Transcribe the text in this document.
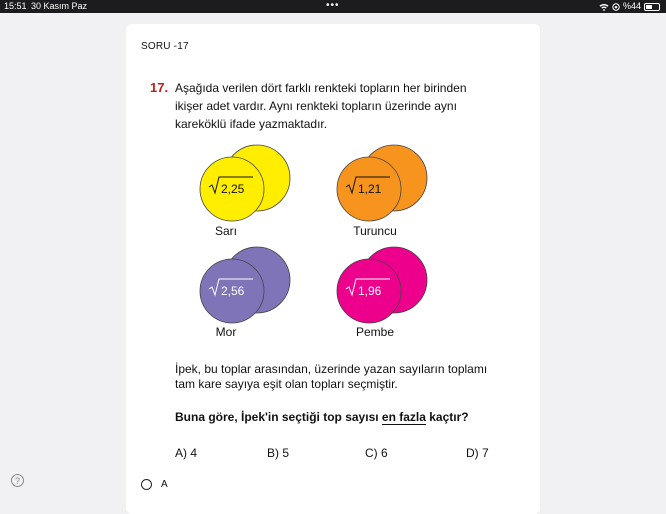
15:51 30 Kasım Paz	•••	%44
SORU -17
17. Aşağıda verilen dört farklı renkteki topların her birinden ikişer adet vardır. Aynı renkteki topların üzerinde aynı kareköklü ifade yazmaktadır.
2,25	1,21
2,56	1,96
Sarı	Turuncu
Mor	Pembe
İpek, bu toplar arasından, üzerinde yazan sayıların toplamı tam kare sayıya eşit olan topları seçmiştir.
Buna göre, İpek'in seçtiği top sayısı en fazla kaçtır?
A) 4	B) 5	C) 6	D) 7
?	A
